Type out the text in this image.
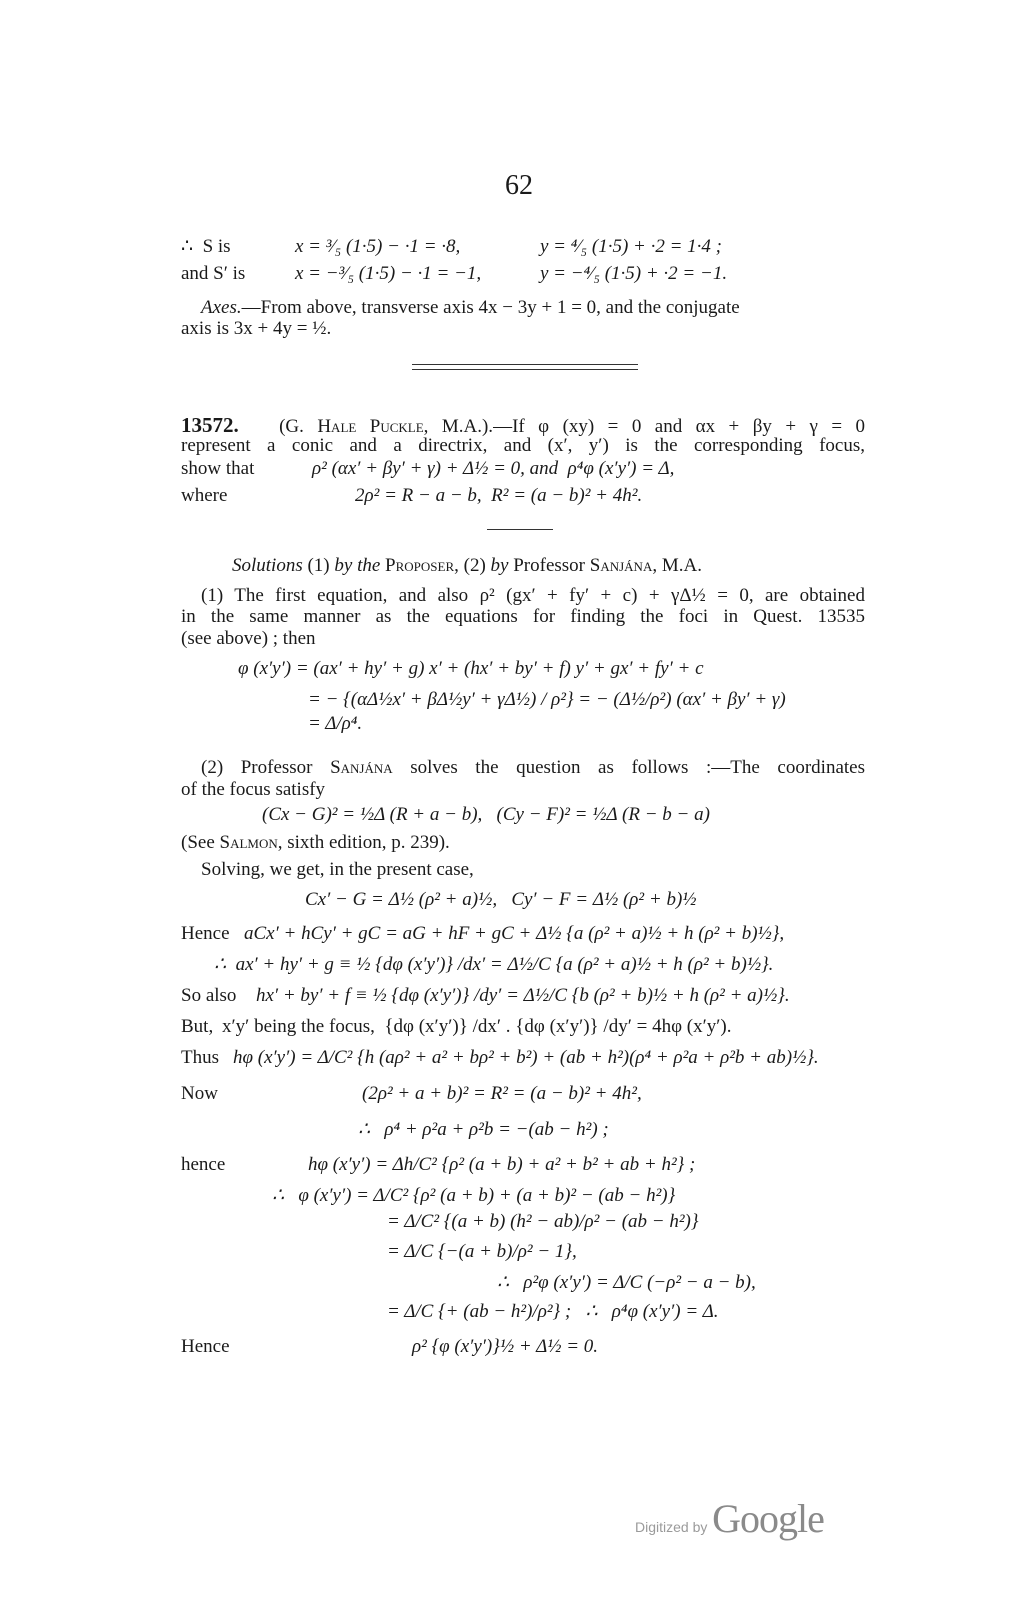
62
∴  S is	x = ³⁄₅ (1·5) − ·1 = ·8,	y = ⁴⁄₅ (1·5) + ·2 = 1·4 ;
and S′ is	x = −³⁄₅ (1·5) − ·1 = −1,	y = −⁴⁄₅ (1·5) + ·2 = −1.
Axes.—From above, transverse axis 4x − 3y + 1 = 0, and the conjugate
axis is 3x + 4y = ½.
13572. (G. Hale Puckle, M.A.).—If φ (xy) = 0 and αx + βy + γ = 0
represent a conic and a directrix, and (x′, y′) is the corresponding focus,
show that	ρ² (αx′ + βy′ + γ) + Δ½ = 0, and  ρ⁴φ (x′y′) = Δ,
where	2ρ² = R − a − b,  R² = (a − b)² + 4h².
Solutions (1) by the Proposer, (2) by Professor Sanjána, M.A.
(1) The first equation, and also ρ² (gx′ + fy′ + c) + γΔ½ = 0, are obtained
in the same manner as the equations for finding the foci in Quest. 13535
(see above) ; then
φ (x′y′) = (ax′ + hy′ + g) x′ + (hx′ + by′ + f) y′ + gx′ + fy′ + c
= − {(αΔ½x′ + βΔ½y′ + γΔ½) / ρ²} = − (Δ½/ρ²) (αx′ + βy′ + γ)
= Δ/ρ⁴.
(2) Professor Sanjána solves the question as follows :—The coordinates
of the focus satisfy
(Cx − G)² = ½Δ (R + a − b),   (Cy − F)² = ½Δ (R − b − a)
(See Salmon, sixth edition, p. 239).
Solving, we get, in the present case,
Cx′ − G = Δ½ (ρ² + a)½,   Cy′ − F = Δ½ (ρ² + b)½
Hence aCx′ + hCy′ + gC = aG + hF + gC + Δ½ {a (ρ² + a)½ + h (ρ² + b)½},
∴  ax′ + hy′ + g ≡ ½ {dφ (x′y′)} /dx′ = Δ½/C {a (ρ² + a)½ + h (ρ² + b)½}.
So also hx′ + by′ + f ≡ ½ {dφ (x′y′)} /dy′ = Δ½/C {b (ρ² + b)½ + h (ρ² + a)½}.
But, x′y′ being the focus,  {dφ (x′y′)} /dx′ . {dφ (x′y′)} /dy′ = 4hφ (x′y′).
Thus hφ (x′y′) = Δ/C² {h (aρ² + a² + bρ² + b²) + (ab + h²)(ρ⁴ + ρ²a + ρ²b + ab)½}.
Now	(2ρ² + a + b)² = R² = (a − b)² + 4h²,
∴   ρ⁴ + ρ²a + ρ²b = −(ab − h²) ;
hence	hφ (x′y′) = Δh/C² {ρ² (a + b) + a² + b² + ab + h²} ;
∴   φ (x′y′) = Δ/C² {ρ² (a + b) + (a + b)² − (ab − h²)}
= Δ/C² {(a + b) (h² − ab)/ρ² − (ab − h²)}
= Δ/C {−(a + b)/ρ² − 1},
∴   ρ²φ (x′y′) = Δ/C (−ρ² − a − b),
= Δ/C {+ (ab − h²)/ρ²} ;   ∴   ρ⁴φ (x′y′) = Δ.
Hence	ρ² {φ (x′y′)}½ + Δ½ = 0.
Digitized by Google
